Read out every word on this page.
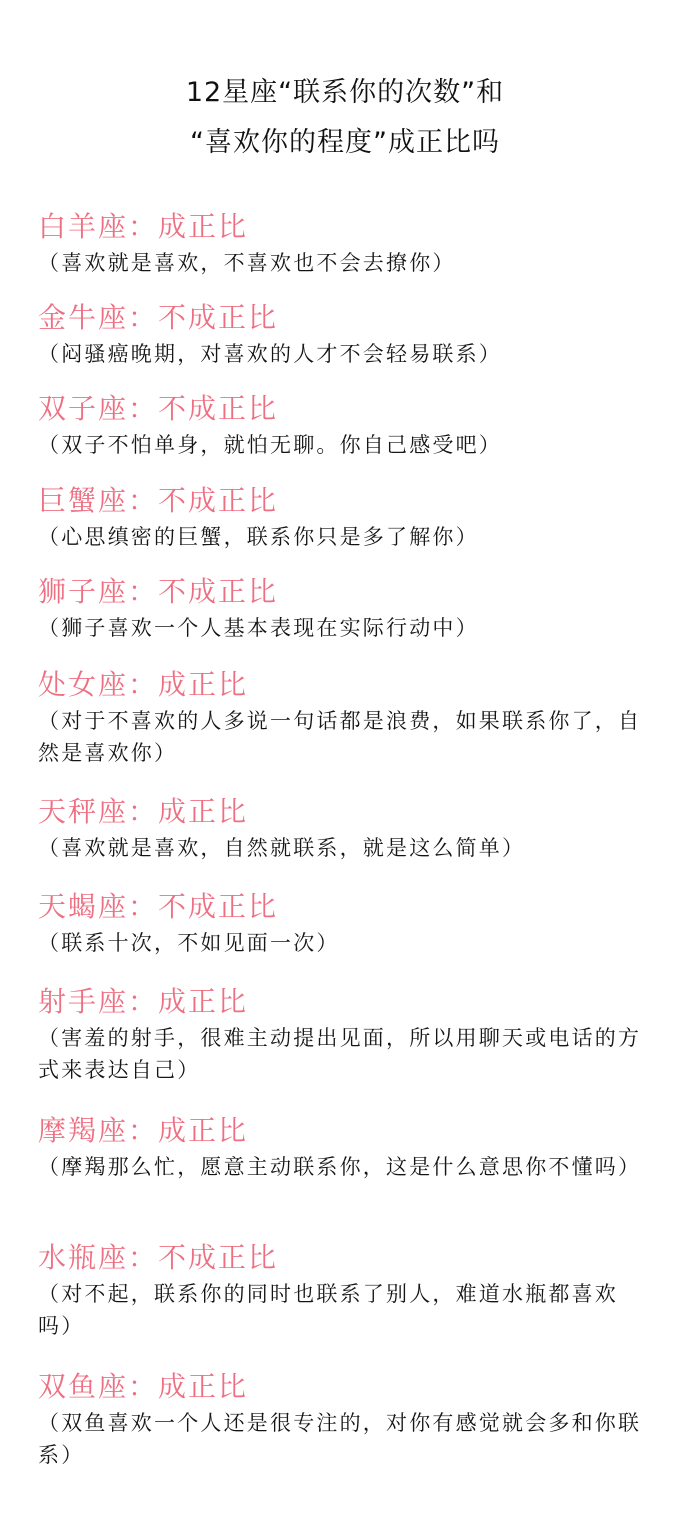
12星座“联系你的次数”和
“喜欢你的程度”成正比吗
白羊座：成正比
（喜欢就是喜欢，不喜欢也不会去撩你）
金牛座：不成正比
（闷骚癌晚期，对喜欢的人才不会轻易联系）
双子座：不成正比
（双子不怕单身，就怕无聊。你自己感受吧）
巨蟹座：不成正比
（心思缜密的巨蟹，联系你只是多了解你）
狮子座：不成正比
（狮子喜欢一个人基本表现在实际行动中）
处女座：成正比
（对于不喜欢的人多说一句话都是浪费，如果联系你了，自然是喜欢你）
天秤座：成正比
（喜欢就是喜欢，自然就联系，就是这么简单）
天蝎座：不成正比
（联系十次，不如见面一次）
射手座：成正比
（害羞的射手，很难主动提出见面，所以用聊天或电话的方式来表达自己）
摩羯座：成正比
（摩羯那么忙，愿意主动联系你，这是什么意思你不懂吗）
水瓶座：不成正比
（对不起，联系你的同时也联系了别人，难道水瓶都喜欢吗）
双鱼座：成正比
（双鱼喜欢一个人还是很专注的，对你有感觉就会多和你联系）
